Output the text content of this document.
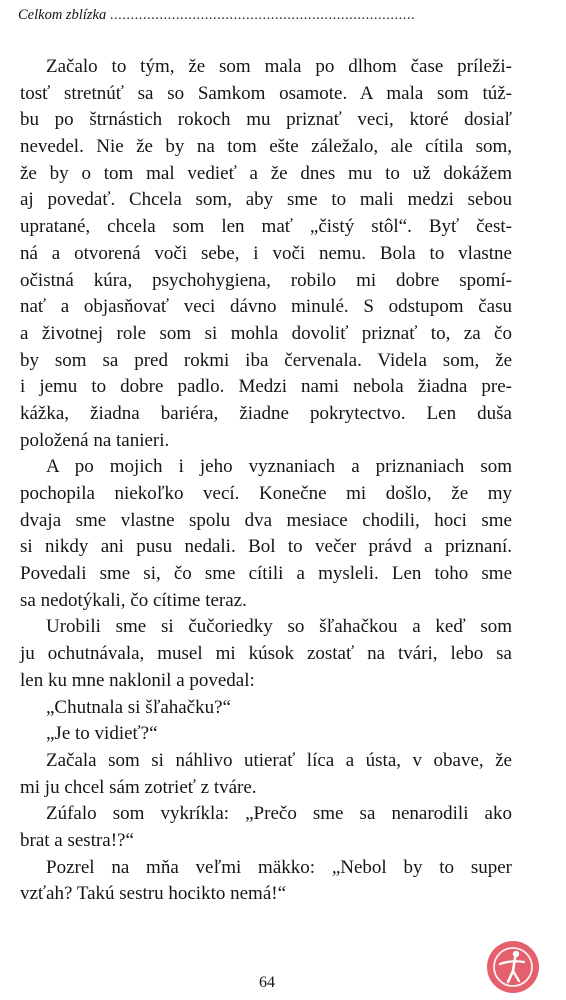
Celkom zblízka ..........................................................................
Začalo to tým, že som mala po dlhom čase príleži-
tosť stretnúť sa so Samkom osamote. A mala som túž-
bu po štrnástich rokoch mu priznať veci, ktoré dosiaľ
nevedel. Nie že by na tom ešte záležalo, ale cítila som,
že by o tom mal vedieť a že dnes mu to už dokážem
aj povedať. Chcela som, aby sme to mali medzi sebou
upratané, chcela som len mať „čistý stôl“. Byť čest-
ná a otvorená voči sebe, i voči nemu. Bola to vlastne
očistná kúra, psychohygiena, robilo mi dobre spomí-
nať a objasňovať veci dávno minulé. S odstupom času
a životnej role som si mohla dovoliť priznať to, za čo
by som sa pred rokmi iba červenala. Videla som, že
i jemu to dobre padlo. Medzi nami nebola žiadna pre-
kážka, žiadna bariéra, žiadne pokrytectvo. Len duša
položená na tanieri.
A po mojich i jeho vyznaniach a priznaniach som
pochopila niekoľko vecí. Konečne mi došlo, že my
dvaja sme vlastne spolu dva mesiace chodili, hoci sme
si nikdy ani pusu nedali. Bol to večer právd a priznaní.
Povedali sme si, čo sme cítili a mysleli. Len toho sme
sa nedotýkali, čo cítime teraz.
Urobili sme si čučoriedky so šľahačkou a keď som
ju ochutnávala, musel mi kúsok zostať na tvári, lebo sa
len ku mne naklonil a povedal:
„Chutnala si šľahačku?“
„Je to vidieť?“
Začala som si náhlivo utierať líca a ústa, v obave, že
mi ju chcel sám zotrieť z tváre.
Zúfalo som vykríkla: „Prečo sme sa nenarodili ako
brat a sestra!?“
Pozrel na mňa veľmi mäkko: „Nebol by to super
vzťah? Takú sestru hocikto nemá!“
64
